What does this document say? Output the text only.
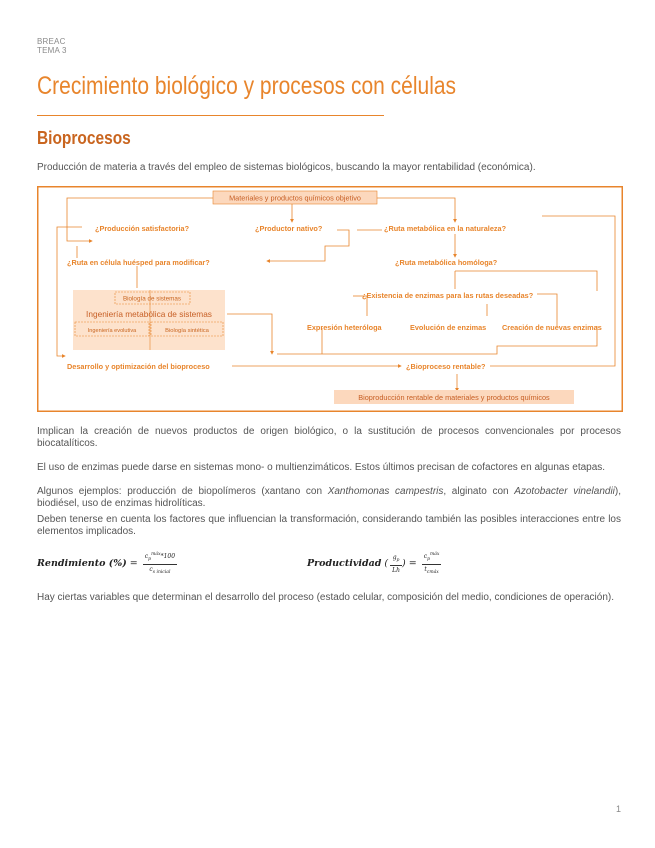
BREAC
TEMA 3
Crecimiento biológico y procesos con células
Bioprocesos

Producción de materia a través del empleo de sistemas biológicos, buscando la mayor rentabilidad (económica).

Materiales y productos químicos objetivo
¿Producción satisfactoria?	¿Productor nativo?	¿Ruta metabólica en la naturaleza?
¿Ruta en célula huésped para modificar?	¿Ruta metabólica homóloga?
Biología de sistemas
Ingeniería metabólica de sistemas
Ingeniería evolutiva	Biología sintética
¿Existencia de enzimas para las rutas deseadas?
Expresión heteróloga	Evolución de enzimas Creación de nuevas enzimas
Desarrollo y optimización del bioproceso	¿Bioproceso rentable?
Bioproducción rentable de materiales y productos químicos

Implican la creación de nuevos productos de origen biológico, o la sustitución de procesos convencionales por procesos biocatalíticos.

El uso de enzimas puede darse en sistemas mono- o multienzimáticos. Estos últimos precisan de cofactores en algunas etapas.

Algunos ejemplos: producción de biopolímeros (xantano con Xanthomonas campestris, alginato con Azotobacter vinelandii), biodiésel, uso de enzimas hidrolíticas.

Deben tenerse en cuenta los factores que influencian la transformación, considerando también las posibles interacciones entre los elementos implicados.

Rendimiento (%) = $\frac{c_p^{máx}*100}{c_{s inicial}}$	Productividad ( $\frac{g_p}{Lh}$ ) = $\frac{c_p^{máx}}{t_{cmáx}}$

Hay ciertas variables que determinan el desarrollo del proceso (estado celular, composición del medio, condiciones de operación).

1
